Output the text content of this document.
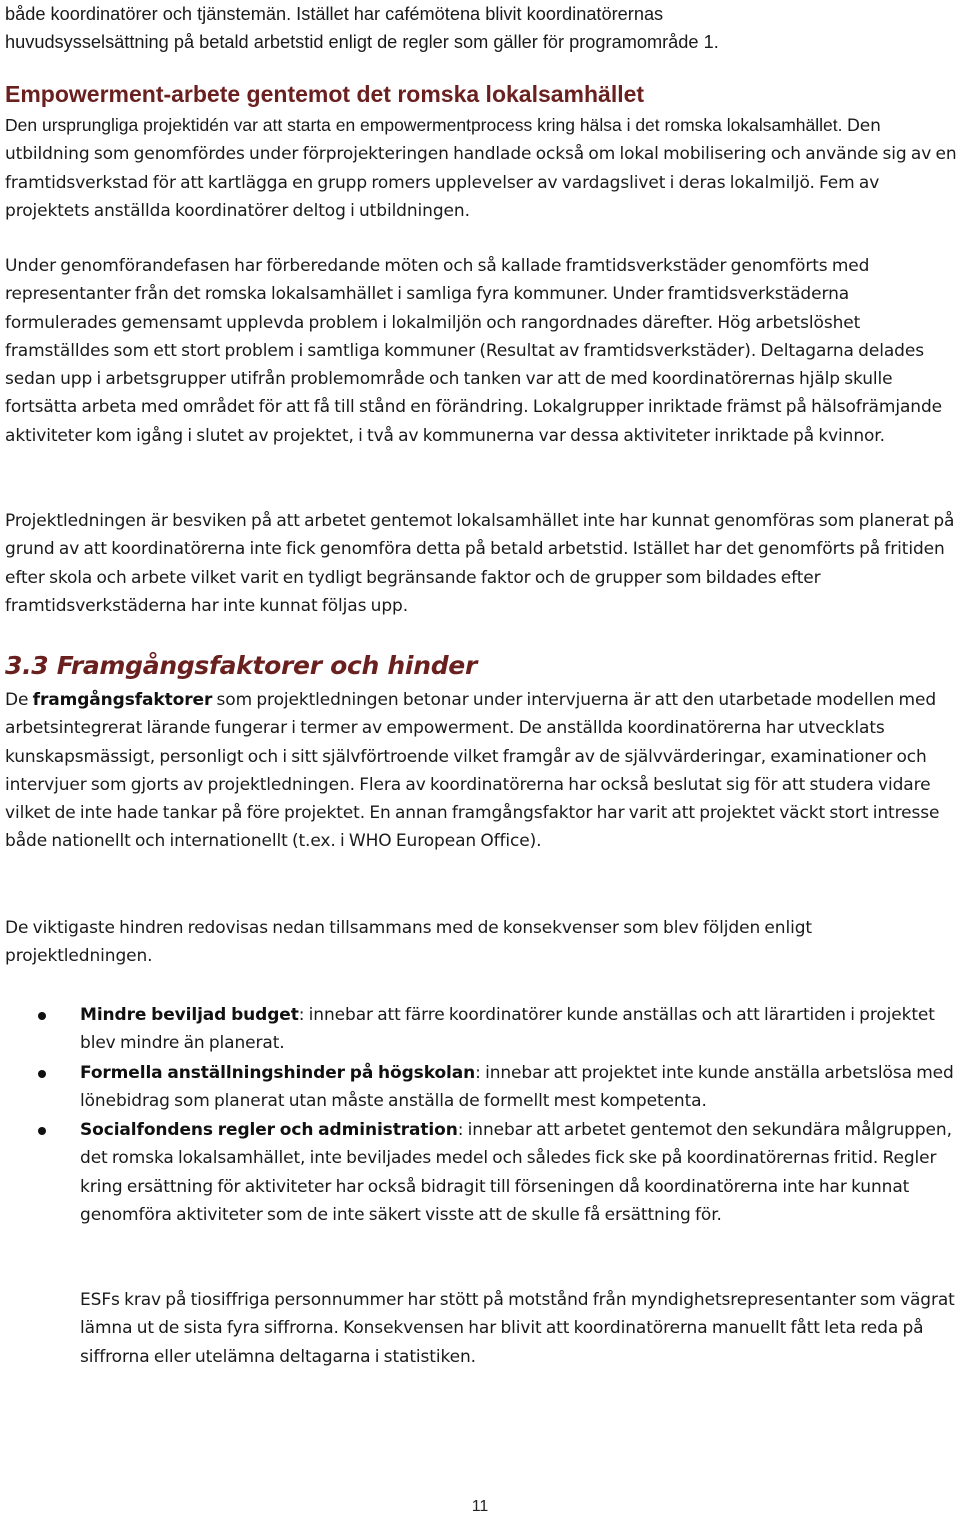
både koordinatörer och tjänstemän. Istället har cafémötena blivit koordinatörernas

huvudsysselsättning på betald arbetstid enligt de regler som gäller för programområde 1.

Empowerment-arbete gentemot det romska lokalsamhället

Den ursprungliga projektidén var att starta en empowermentprocess kring hälsa i det romska lokalsamhället. Den utbildning som genomfördes under förprojekteringen handlade också om lokal mobilisering och använde sig av en framtidsverkstad för att kartlägga en grupp romers upplevelser av vardagslivet i deras lokalmiljö. Fem av projektets anställda koordinatörer deltog i utbildningen.

Under genomförandefasen har förberedande möten och så kallade framtidsverkstäder genomförts med representanter från det romska lokalsamhället i samliga fyra kommuner. Under framtidsverkstäderna formulerades gemensamt upplevda problem i lokalmiljön och rangordnades därefter. Hög arbetslöshet framställdes som ett stort problem i samtliga kommuner (Resultat av framtidsverkstäder). Deltagarna delades sedan upp i arbetsgrupper utifrån problemområde och tanken var att de med koordinatörernas hjälp skulle fortsätta arbeta med området för att få till stånd en förändring. Lokalgrupper inriktade främst på hälsofrämjande aktiviteter kom igång i slutet av projektet, i två av kommunerna var dessa aktiviteter inriktade på kvinnor.

Projektledningen är besviken på att arbetet gentemot lokalsamhället inte har kunnat genomföras som planerat på grund av att koordinatörerna inte fick genomföra detta på betald arbetstid. Istället har det genomförts på fritiden efter skola och arbete vilket varit en tydligt begränsande faktor och de grupper som bildades efter framtidsverkstäderna har inte kunnat följas upp.

3.3 Framgångsfaktorer och hinder

De framgångsfaktorer som projektledningen betonar under intervjuerna är att den utarbetade modellen med arbetsintegrerat lärande fungerar i termer av empowerment. De anställda koordinatörerna har utvecklats kunskapsmässigt, personligt och i sitt självförtroende vilket framgår av de självvärderingar, examinationer och intervjuer som gjorts av projektledningen. Flera av koordinatörerna har också beslutat sig för att studera vidare vilket de inte hade tankar på före projektet. En annan framgångsfaktor har varit att projektet väckt stort intresse både nationellt och internationellt (t.ex. i WHO European Office).

De viktigaste hindren redovisas nedan tillsammans med de konsekvenser som blev följden enligt projektledningen.

Mindre beviljad budget: innebar att färre koordinatörer kunde anställas och att lärartiden i projektet blev mindre än planerat.
Formella anställningshinder på högskolan: innebar att projektet inte kunde anställa arbetslösa med lönebidrag som planerat utan måste anställa de formellt mest kompetenta.
Socialfondens regler och administration: innebar att arbetet gentemot den sekundära målgruppen, det romska lokalsamhället, inte beviljades medel och således fick ske på koordinatörernas fritid. Regler kring ersättning för aktiviteter har också bidragit till förseningen då koordinatörerna inte har kunnat genomföra aktiviteter som de inte säkert visste att de skulle få ersättning för.

ESFs krav på tiosiffriga personnummer har stött på motstånd från myndighetsrepresentanter som vägrat lämna ut de sista fyra siffrorna. Konsekvensen har blivit att koordinatörerna manuellt fått leta reda på siffrorna eller utelämna deltagarna i statistiken.

11
